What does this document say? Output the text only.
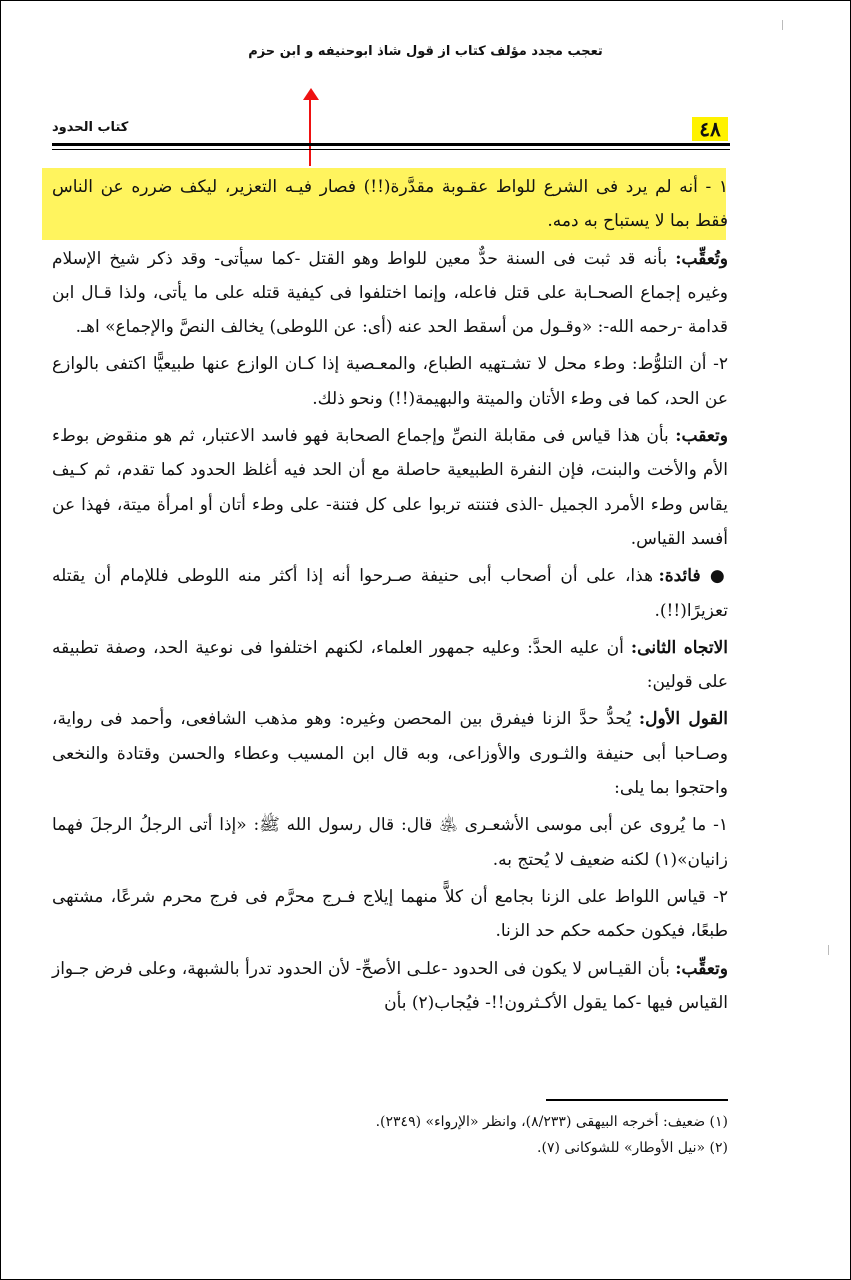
تعجب مجدد مؤلف کتاب از قول شاذ ابوحنیفه و ابن حزم
٤٨
كتاب الحدود

١ - أنه لم يرد فى الشرع للواط عقـوبة مقدَّرة(!!) فصار فيـه التعزير، ليكف ضرره عن الناس فقط بما لا يستباح به دمه.

وتُعقِّب: بأنه قد ثبت فى السنة حدٌّ معين للواط وهو القتل -كما سيأتى- وقد ذكر شيخ الإسلام وغيره إجماع الصحـابة على قتل فاعله، وإنما اختلفوا فى كيفية قتله على ما يأتى، ولذا قـال ابن قدامة -رحمه الله-: «وقـول من أسقط الحد عنه (أى: عن اللوطى) يخالف النصَّ والإجماع» اهـ.

٢- أن التلوُّط: وطء محل لا تشـتهيه الطباع، والمعـصية إذا كـان الوازع عنها طبيعيًّا اكتفى بالوازع عن الحد، كما فى وطء الأتان والميتة والبهيمة(!!) ونحو ذلك.

وتعقب: بأن هذا قياس فى مقابلة النصِّ وإجماع الصحابة فهو فاسد الاعتبار، ثم هو منقوض بوطء الأم والأخت والبنت، فإن النفرة الطبيعية حاصلة مع أن الحد فيه أغلظ الحدود كما تقدم، ثم كـيف يقاس وطء الأمرد الجميل -الذى فتنته تربوا على كل فتنة- على وطء أتان أو امرأة ميتة، فهذا عن أفسد القياس.

● فائدة: هذا، على أن أصحاب أبى حنيفة صـرحوا أنه إذا أكثر منه اللوطى فللإمام أن يقتله تعزيرًا(!!).

الاتجاه الثانى: أن عليه الحدَّ: وعليه جمهور العلماء، لكنهم اختلفوا فى نوعية الحد، وصفة تطبيقه على قولين:

القول الأول: يُحدُّ حدَّ الزنا فيفرق بين المحصن وغيره: وهو مذهب الشافعى، وأحمد فى رواية، وصـاحبا أبى حنيفة والثـورى والأوزاعى، وبه قال ابن المسيب وعطاء والحسن وقتادة والنخعى واحتجوا بما يلى:

١- ما يُروى عن أبى موسى الأشعـرى ﵁ قال: قال رسول الله ﷺ: «إذا أتى الرجلُ الرجلَ فهما زانيان»(١) لكنه ضعيف لا يُحتج به.

٢- قياس اللواط على الزنا بجامع أن كلاًّ منهما إيلاج فـرج محرَّم فى فرج محرم شرعًا، مشتهى طبعًا، فيكون حكمه حكم حد الزنا.

وتعقِّب: بأن القيـاس لا يكون فى الحدود -علـى الأصحِّ- لأن الحدود تدرأ بالشبهة، وعلى فرض جـواز القياس فيها -كما يقول الأكـثرون!!- فيُجاب(٢) بأن

(١) ضعيف: أخرجه البيهقى (٨/٢٣٣)، وانظر «الإرواء» (٢٣٤٩).

(٢) «نيل الأوطار» للشوكانى (٧).
